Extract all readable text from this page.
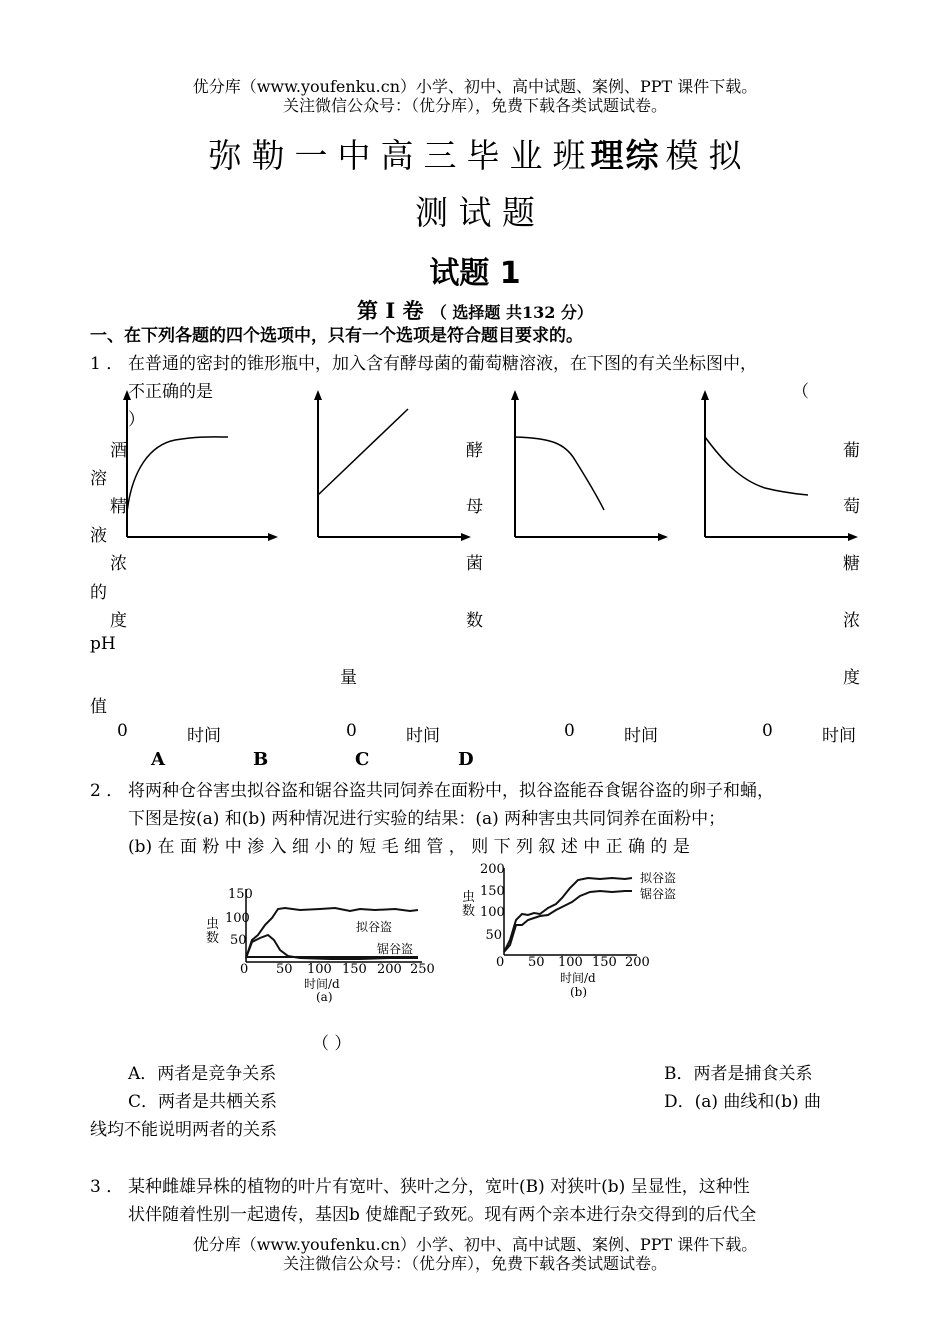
优分库（www.youfenku.cn）小学、初中、高中试题、案例、PPT 课件下载。
关注微信公众号：（优分库），免费下载各类试题试卷。
弥 勒 一 中 高 三 毕 业 班 理综 模 拟
测 试 题
试题 1
第 Ⅰ 卷 （ 选择题 共132 分）
一、在下列各题的四个选项中，只有一个选项是符合题目要求的。
1 ． 在普通的密封的锥形瓶中，加入含有酵母菌的葡萄糖溶液，在下图的有关坐标图中，
不正确的是	（
）
酒
精
浓
度
溶
液
的
pH
值
酵
母
菌
数
量
葡
萄
糖
浓
度
0	时间	0	时间	0	时间	0	时间
A	B	C	D
2 ． 将两种仓谷害虫拟谷盗和锯谷盗共同饲养在面粉中，拟谷盗能吞食锯谷盗的卵子和蛹，
下图是按(a) 和(b) 两种情况进行实验的结果：(a) 两种害虫共同饲养在面粉中；
(b) 在 面 粉 中 渗 入 细 小 的 短 毛 细 管 ， 则 下 列 叙 述 中 正 确 的 是
150
100
50
虫数
0 50 100 150 200 250
时间/d
(a)
拟谷盗
锯谷盗
200
150
100
50
虫数
0 50 100 150 200
时间/d
(b)
拟谷盗
锯谷盗
（ ）
A．两者是竞争关系	B．两者是捕食关系
C．两者是共栖关系	D．(a) 曲线和(b) 曲
线均不能说明两者的关系
3 ． 某种雌雄异株的植物的叶片有宽叶、狭叶之分，宽叶(B) 对狭叶(b) 呈显性，这种性
状伴随着性别一起遗传，基因b 使雄配子致死。现有两个亲本进行杂交得到的后代全
优分库（www.youfenku.cn）小学、初中、高中试题、案例、PPT 课件下载。
关注微信公众号：（优分库），免费下载各类试题试卷。
